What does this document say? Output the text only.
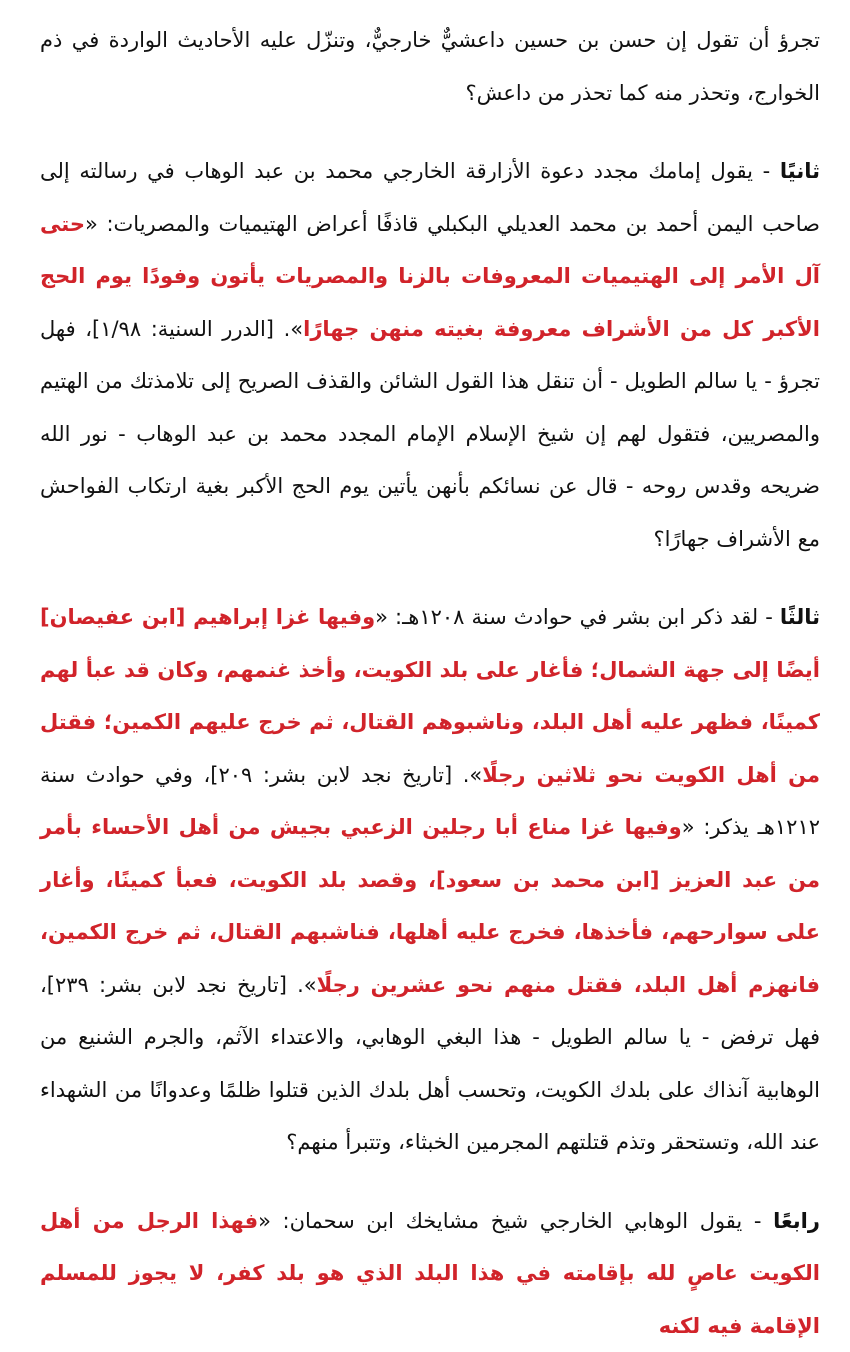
تجرؤ أن تقول إن حسن بن حسين داعشيٌّ خارجيٌّ، وتنزّل عليه الأحاديث الواردة في ذم الخوارج، وتحذر منه كما تحذر من داعش؟

ثانيًا - يقول إمامك مجدد دعوة الأزارقة الخارجي محمد بن عبد الوهاب في رسالته إلى صاحب اليمن أحمد بن محمد العديلي البكبلي قاذفًا أعراض الهتيميات والمصريات: «حتى آل الأمر إلى الهتيميات المعروفات بالزنا والمصريات يأتون وفودًا يوم الحج الأكبر كل من الأشراف معروفة بغيته منهن جهارًا». [الدرر السنية: ١/٩٨]، فهل تجرؤ - يا سالم الطويل - أن تنقل هذا القول الشائن والقذف الصريح إلى تلامذتك من الهتيم والمصريين، فتقول لهم إن شيخ الإسلام الإمام المجدد محمد بن عبد الوهاب - نور الله ضريحه وقدس روحه - قال عن نسائكم بأنهن يأتين يوم الحج الأكبر بغية ارتكاب الفواحش مع الأشراف جهارًا؟

ثالثًا - لقد ذكر ابن بشر في حوادث سنة ١٢٠٨هـ: «وفيها غزا إبراهيم [ابن عفيصان] أيضًا إلى جهة الشمال؛ فأغار على بلد الكويت، وأخذ غنمهم، وكان قد عبأ لهم كمينًا، فظهر عليه أهل البلد، وناشبوهم القتال، ثم خرج عليهم الكمين؛ فقتل من أهل الكويت نحو ثلاثين رجلًا». [تاريخ نجد لابن بشر: ٢٠٩]، وفي حوادث سنة ١٢١٢هـ يذكر: «وفيها غزا مناع أبا رجلين الزعبي بجيش من أهل الأحساء بأمر من عبد العزيز [ابن محمد بن سعود]، وقصد بلد الكويت، فعبأ كمينًا، وأغار على سوارحهم، فأخذها، فخرج عليه أهلها، فناشبهم القتال، ثم خرج الكمين، فانهزم أهل البلد، فقتل منهم نحو عشرين رجلًا». [تاريخ نجد لابن بشر: ٢٣٩]، فهل ترفض - يا سالم الطويل - هذا البغي الوهابي، والاعتداء الآثم، والجرم الشنيع من الوهابية آنذاك على بلدك الكويت، وتحسب أهل بلدك الذين قتلوا ظلمًا وعدوانًا من الشهداء عند الله، وتستحقر وتذم قتلتهم المجرمين الخبثاء، وتتبرأ منهم؟

رابعًا - يقول الوهابي الخارجي شيخ مشايخك ابن سحمان: «فهذا الرجل من أهل الكويت عاصٍ لله بإقامته في هذا البلد الذي هو بلد كفر، لا يجوز للمسلم الإقامة فيه لكنه
